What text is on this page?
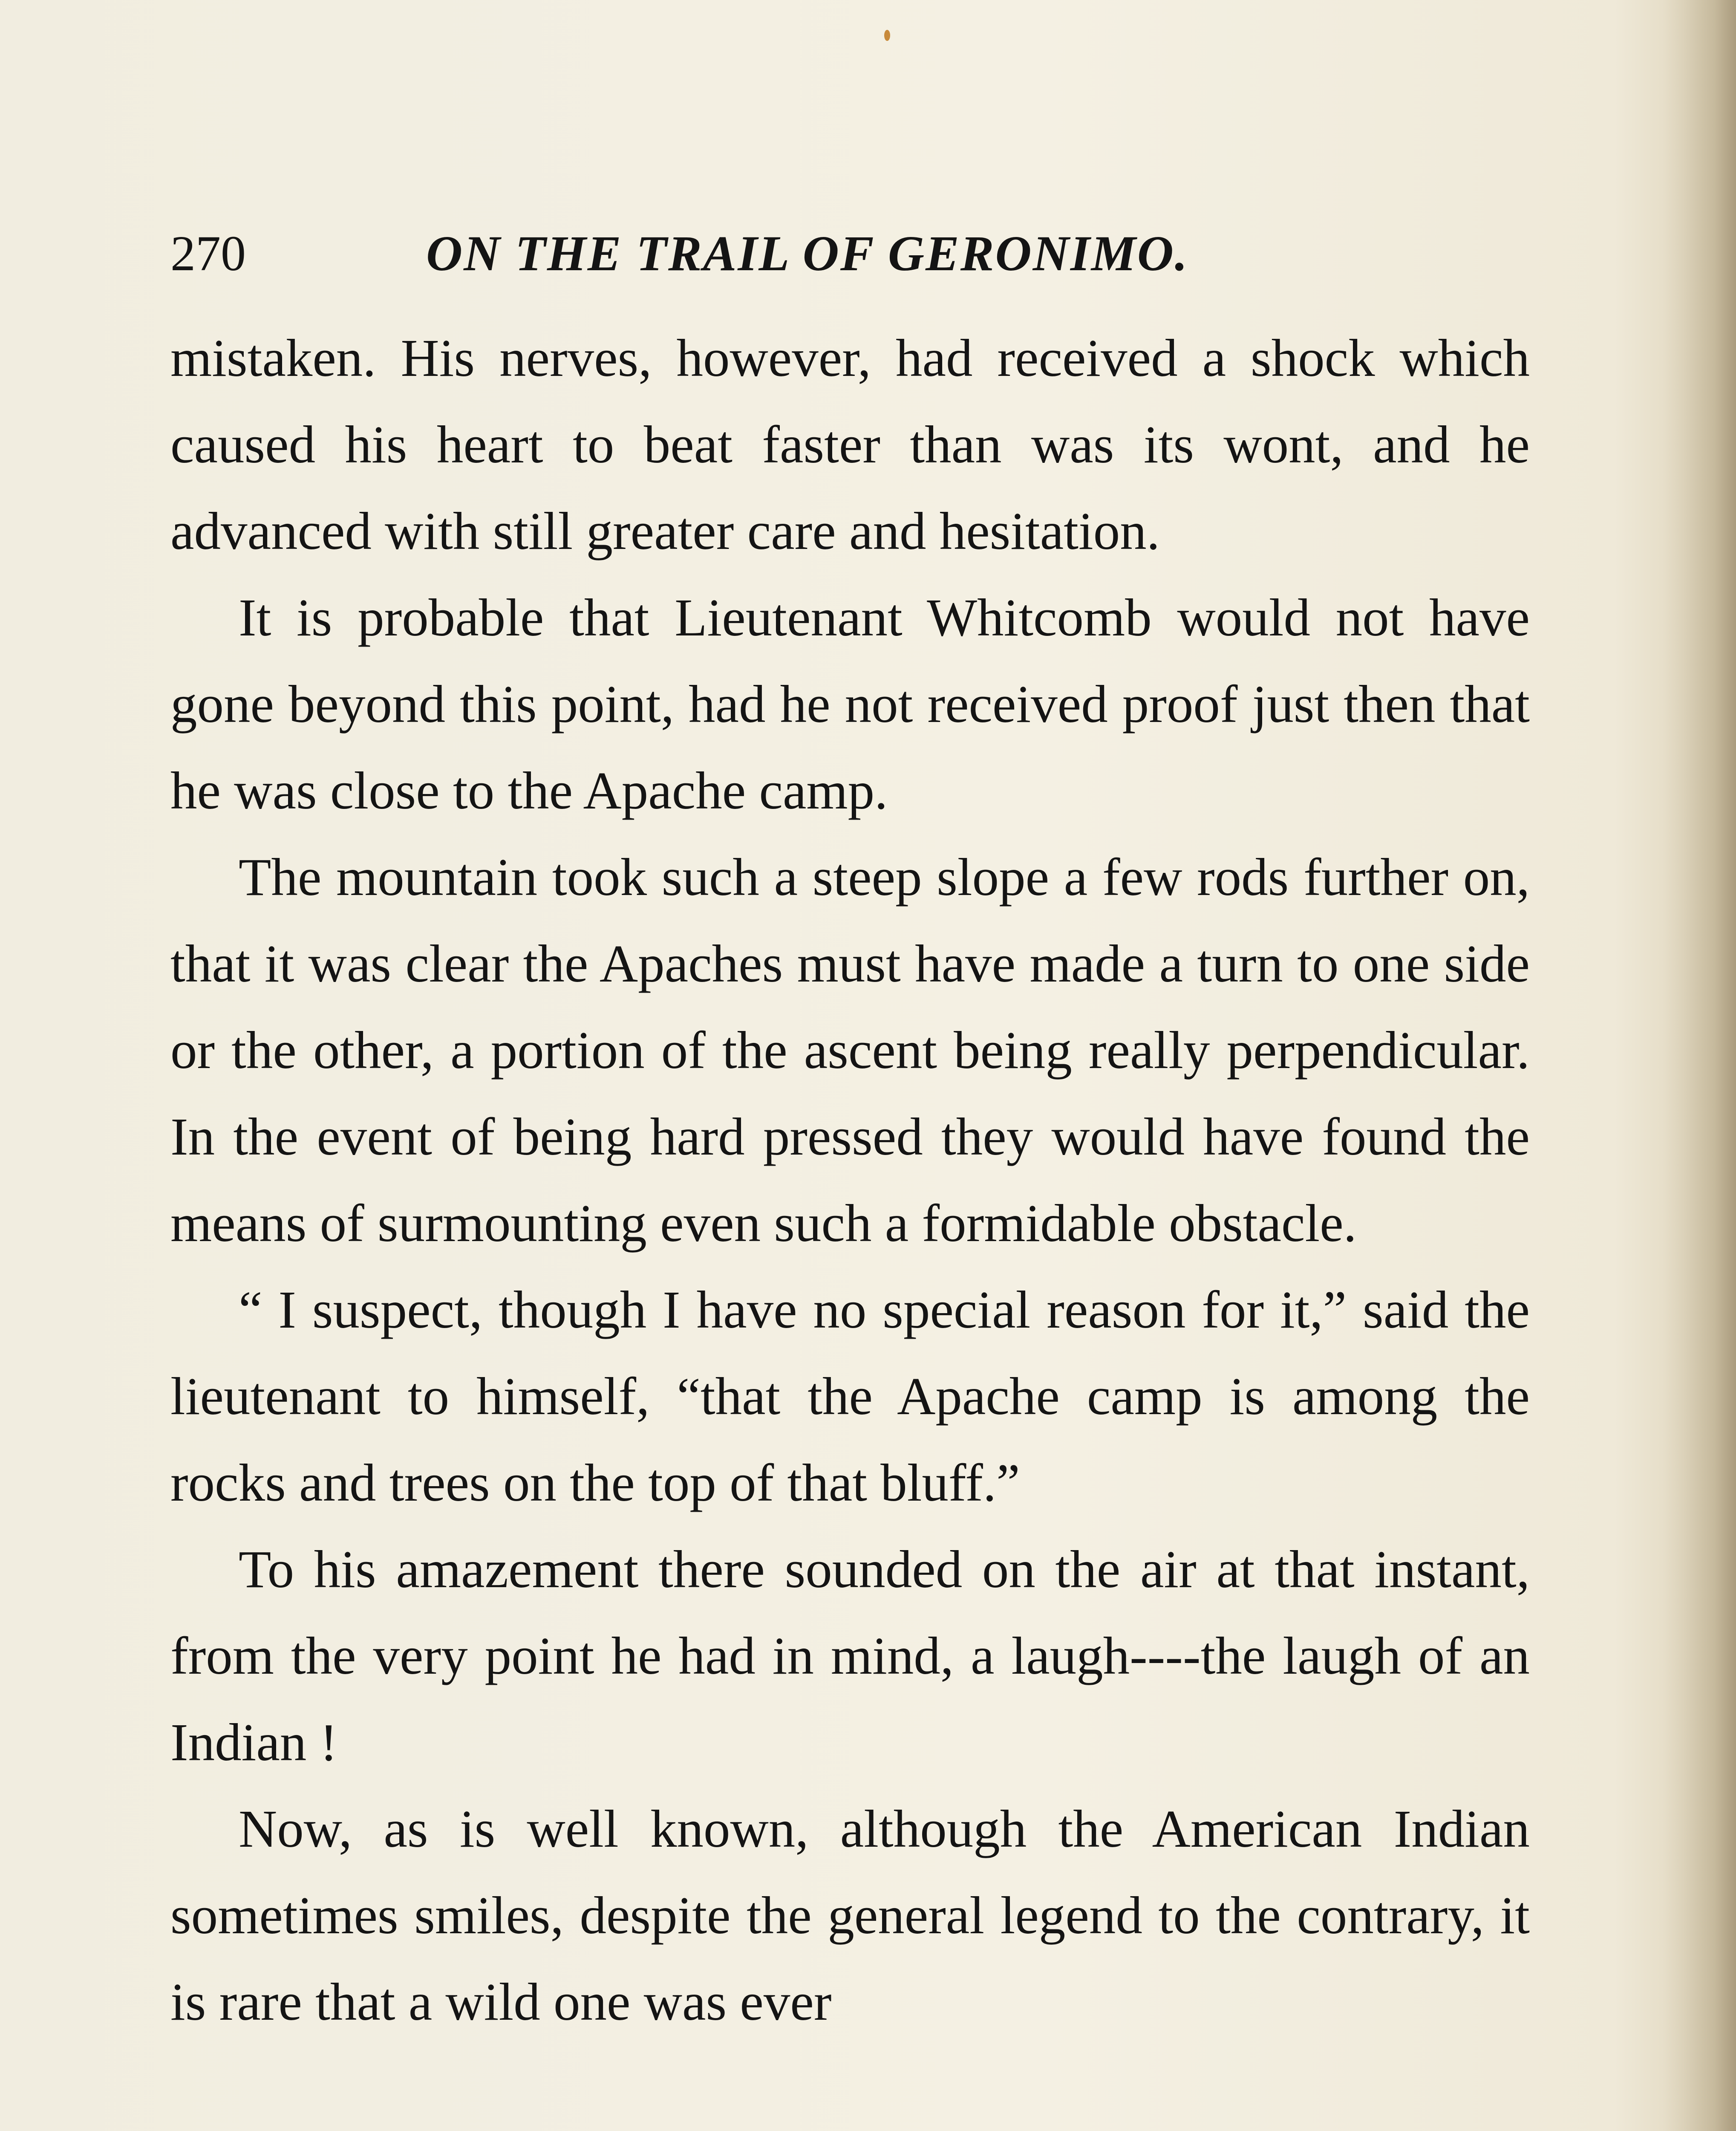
270	ON THE TRAIL OF GERONIMO.

mistaken. His nerves, however, had received a shock which caused his heart to beat faster than was its wont, and he advanced with still greater care and hesitation.

It is probable that Lieutenant Whitcomb would not have gone beyond this point, had he not received proof just then that he was close to the Apache camp.

The mountain took such a steep slope a few rods further on, that it was clear the Apaches must have made a turn to one side or the other, a portion of the ascent being really perpendicular. In the event of being hard pressed they would have found the means of surmounting even such a formidable obstacle.

“ I suspect, though I have no special reason for it,” said the lieutenant to himself, “that the Apache camp is among the rocks and trees on the top of that bluff.”

To his amazement there sounded on the air at that instant, from the very point he had in mind, a laugh----the laugh of an Indian !

Now, as is well known, although the American Indian sometimes smiles, despite the general legend to the contrary, it is rare that a wild one was ever
